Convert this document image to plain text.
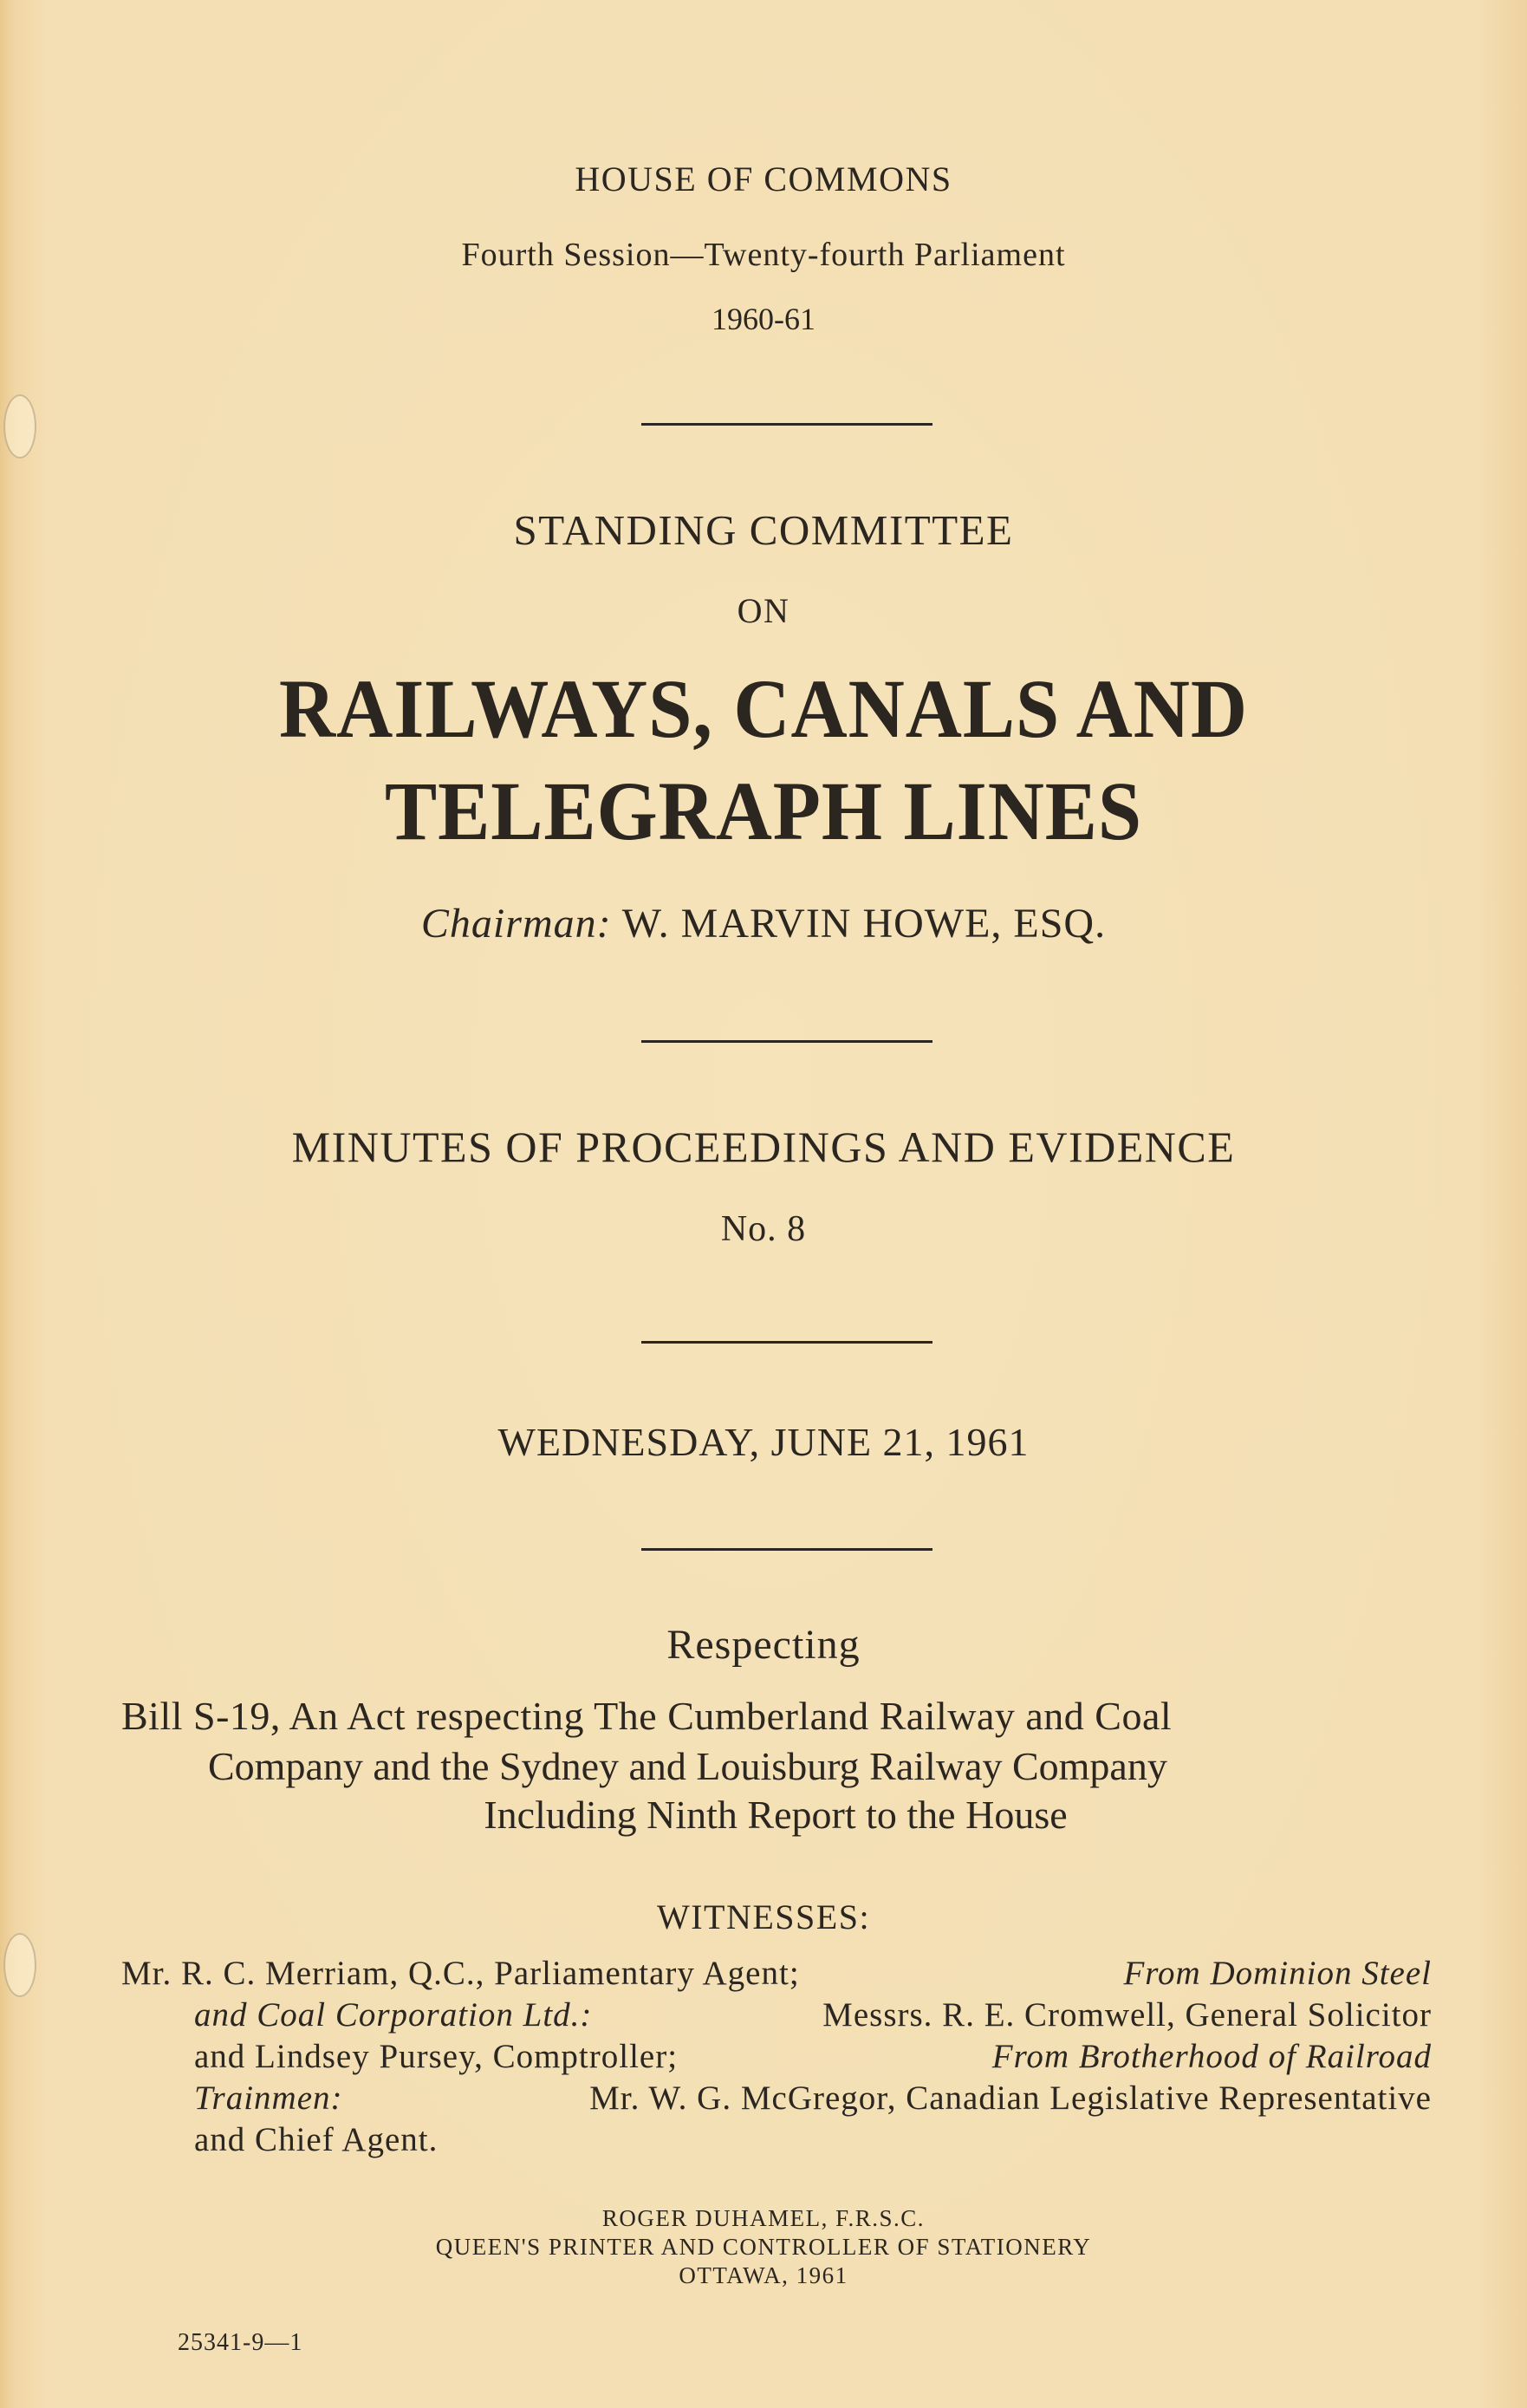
HOUSE OF COMMONS
Fourth Session—Twenty-fourth Parliament
1960-61
STANDING COMMITTEE
ON
RAILWAYS, CANALS AND
TELEGRAPH LINES
Chairman: W. MARVIN HOWE, ESQ.
MINUTES OF PROCEEDINGS AND EVIDENCE
No. 8
WEDNESDAY, JUNE 21, 1961
Respecting
Bill S-19, An Act respecting The Cumberland Railway and Coal
Company and the Sydney and Louisburg Railway Company
Including Ninth Report to the House
WITNESSES:
Mr. R. C. Merriam, Q.C., Parliamentary Agent;	From Dominion Steel
and Coal Corporation Ltd.:	Messrs. R. E. Cromwell, General Solicitor
and Lindsey Pursey, Comptroller;	From Brotherhood of Railroad
Trainmen:	Mr. W. G. McGregor, Canadian Legislative Representative
and Chief Agent.
ROGER DUHAMEL, F.R.S.C.
QUEEN'S PRINTER AND CONTROLLER OF STATIONERY
OTTAWA, 1961
25341-9—1
